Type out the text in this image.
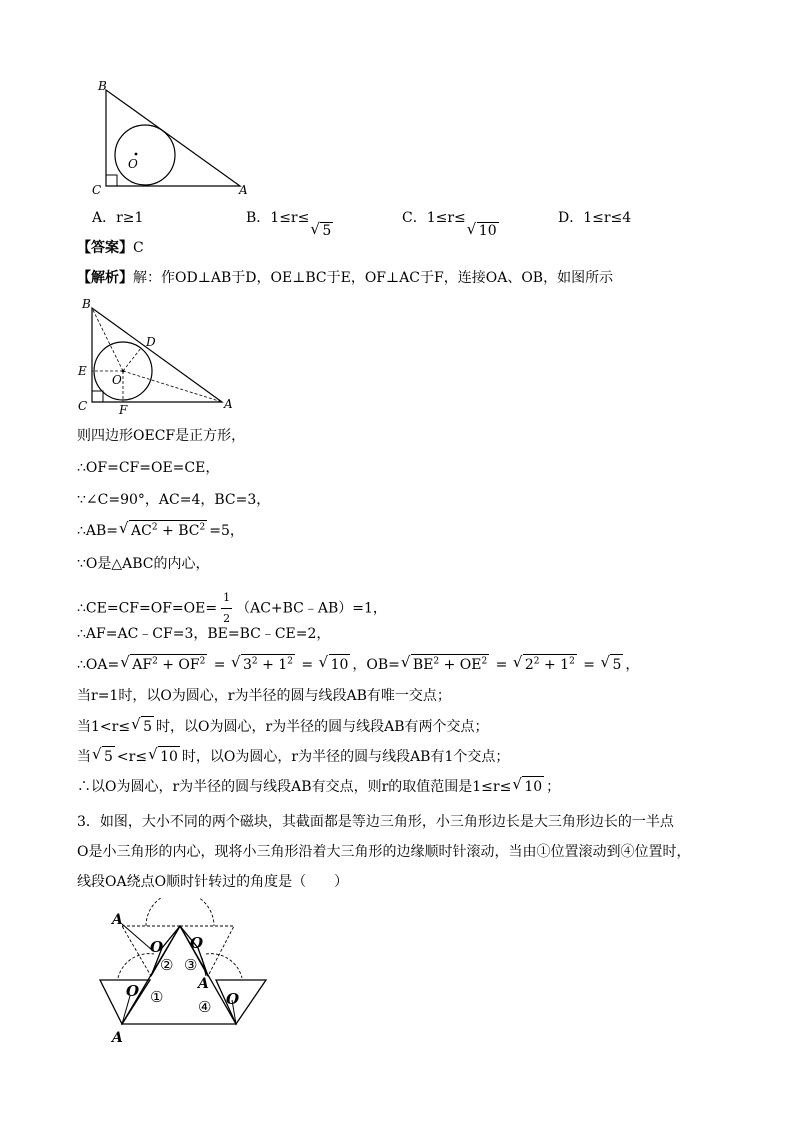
B
C	A
O
A．r≥1	B．1≤r≤
5
C．1≤r≤
10
D．1≤r≤4
【答案】C
【解析】解：作OD⊥AB于D，OE⊥BC于E，OF⊥AC于F，连接OA、OB，如图所示
B
D
E
O
C	F	A
则四边形OECF是正方形，
∴OF=CF=OE=CE，
∵∠C=90°，AC=4，BC=3，
∴AB= √ $AC^2 + BC^2 =5$，
∵O是△ABC的内心，
∴CE=CF=OF=OE= $\frac{1}{2}$ （AC+BC﹣AB）=1，
∴AF=AC﹣CF=3，BE=BC﹣CE=2，
∴OA= √ $AF^2 + OF^2$ = √ $3^2 + 1^2$ = √ 10 ，OB= √ $BE^2 + OE^2$ = √ $2^2 + 1^2$ = √ 5 ，
当r=1时，以O为圆心，r为半径的圆与线段AB有唯一交点；
当1<r≤ √ 5 时，以O为圆心，r为半径的圆与线段AB有两个交点；
当 √ 5 <r≤ √ 10 时，以O为圆心，r为半径的圆与线段AB有1个交点；
∴以O为圆心，r为半径的圆与线段AB有交点，则r的取值范围是1≤r≤ √ 10 ；
3．如图，大小不同的两个磁块，其截面都是等边三角形，小三角形边长是大三角形边长的一半点
O是小三角形的内心，现将小三角形沿着大三角形的边缘顺时针滚动，当由①位置滚动到④位置时，
线段OA绕点O顺时针转过的角度是（　　）
A
A
A
O O
O	O
①
② ③
④
